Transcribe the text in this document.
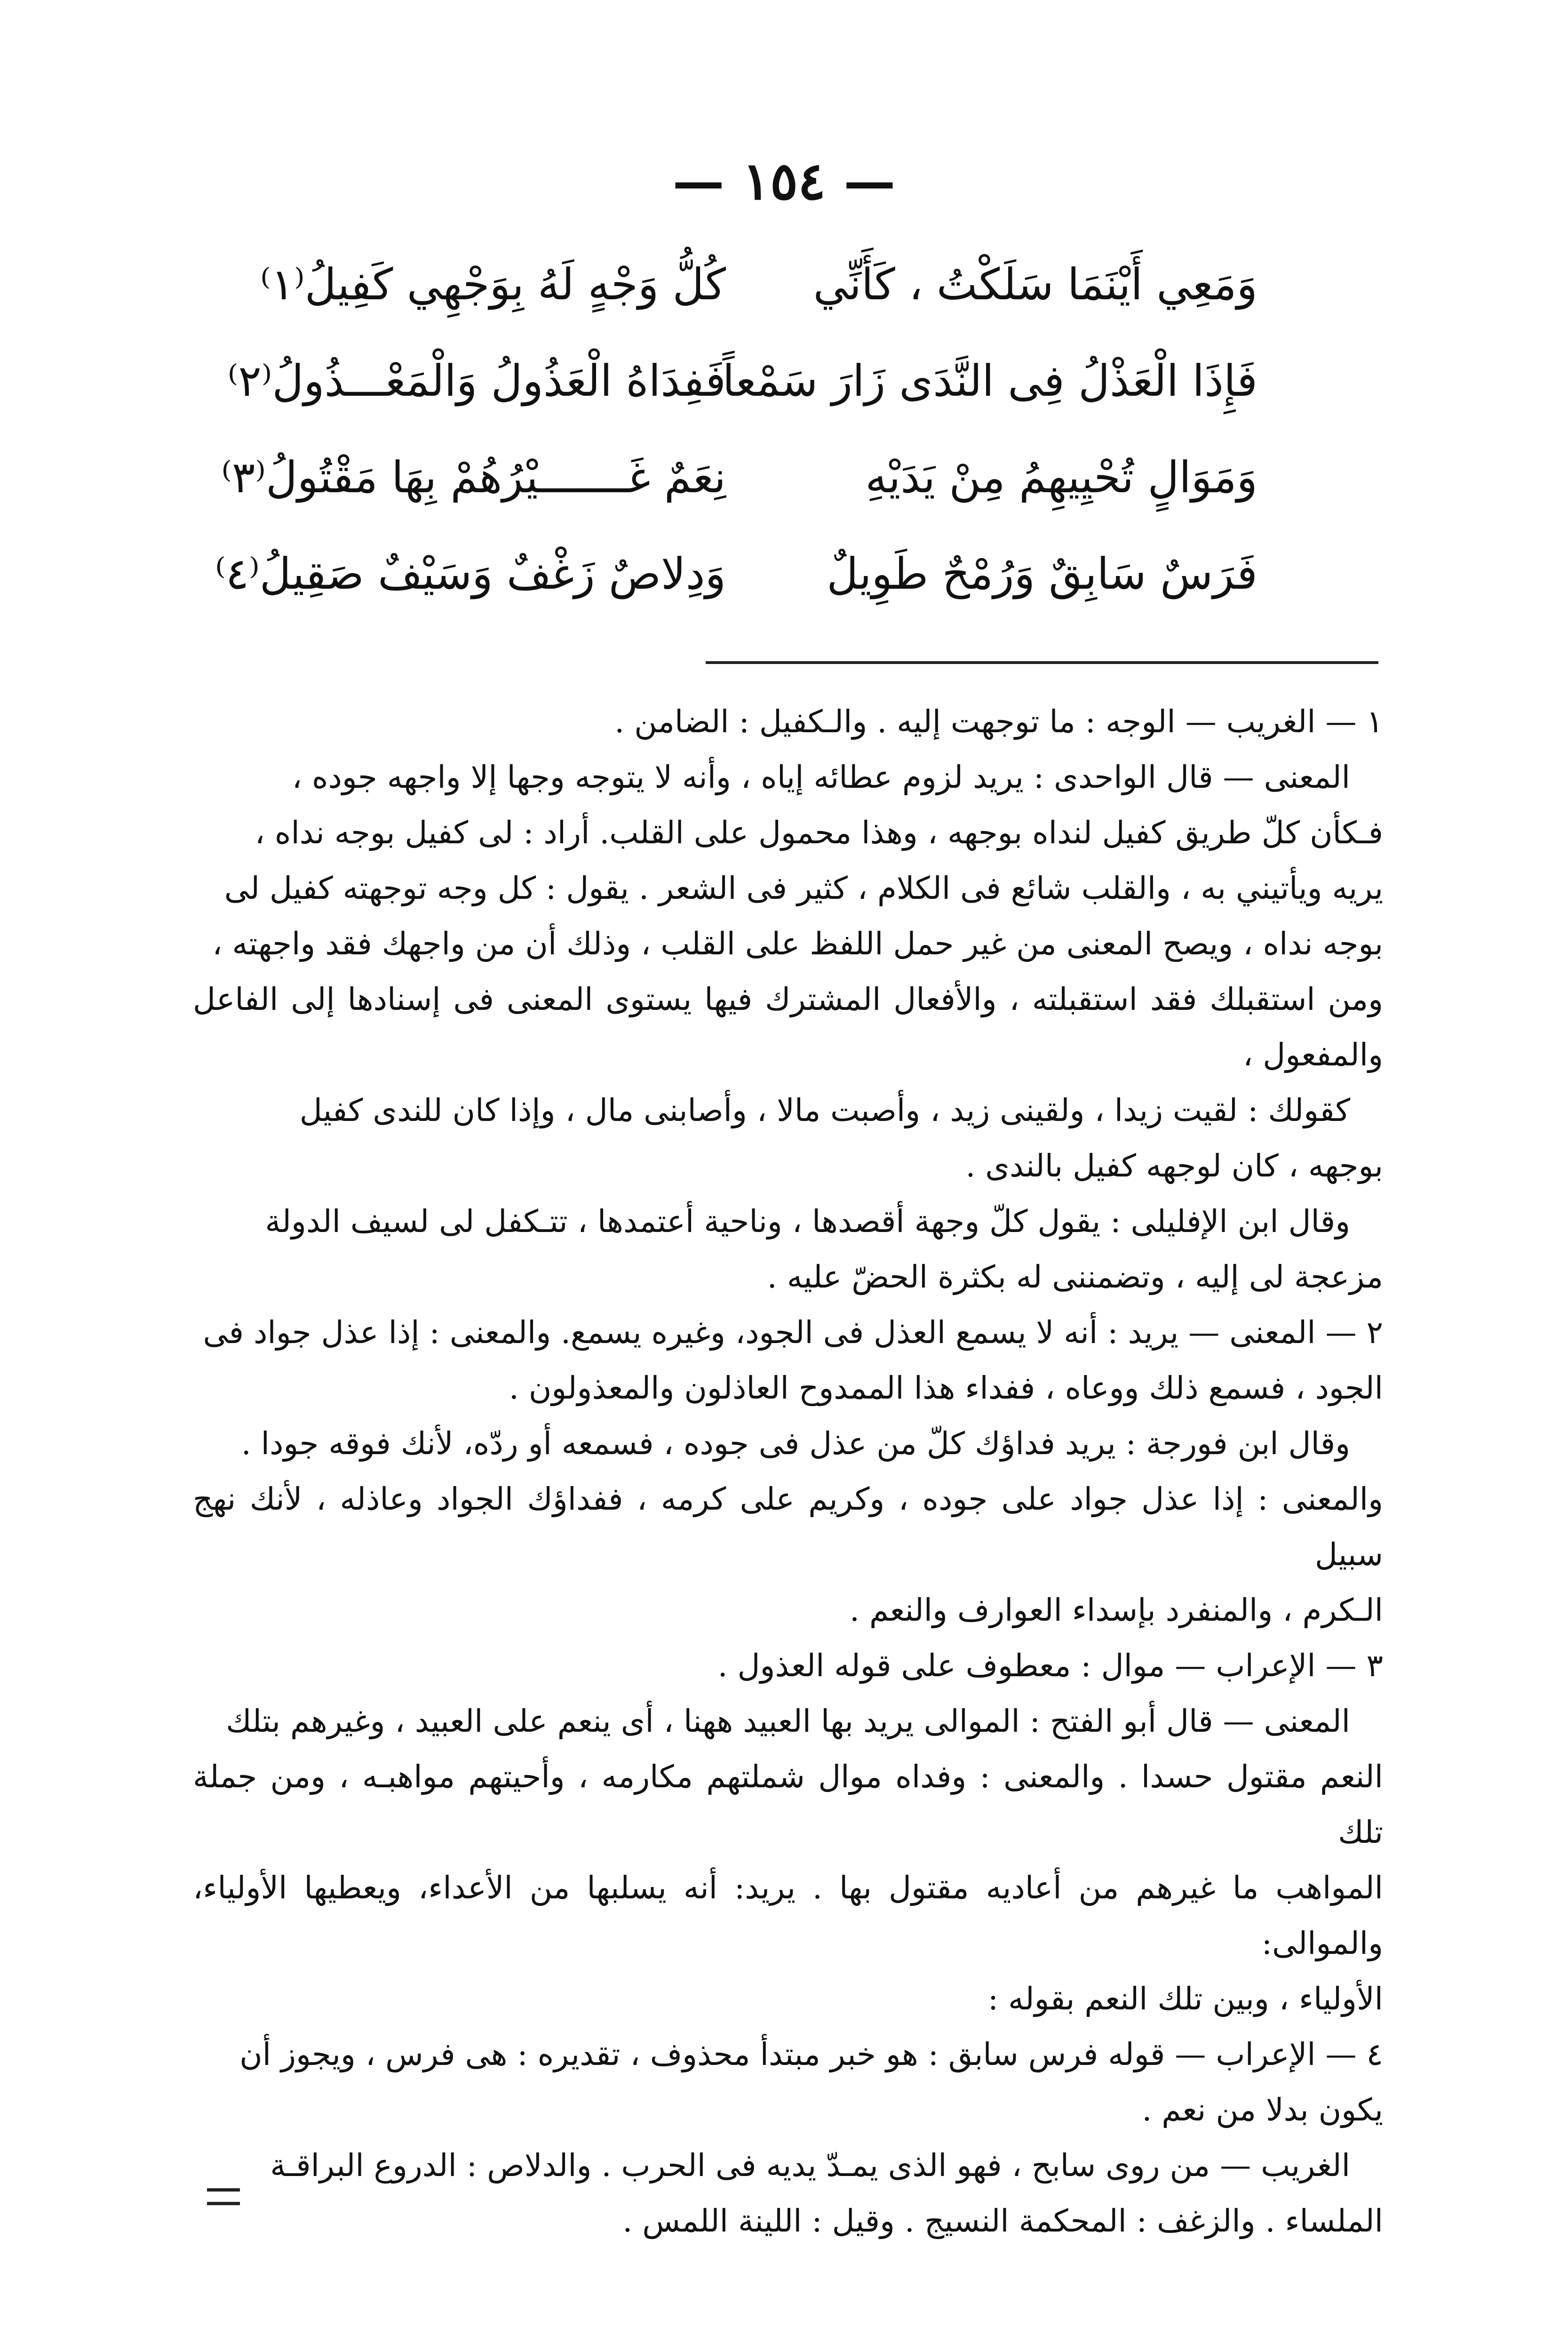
— ١٥٤ —
وَمَعِي أَيْنَمَا سَلَكْتُ ، كَأَنِّي
كُلُّ وَجْهٍ لَهُ بِوَجْهِي كَفِيلُ⁽١⁾
فَإِذَا الْعَذْلُ فِى النَّدَى زَارَ سَمْعاً
فَفِدَاهُ الْعَذُولُ وَالْمَعْـــذُولُ⁽٢⁾
وَمَوَالٍ تُحْيِيهِمُ مِنْ يَدَيْهِ
نِعَمٌ غَـــــــيْرُهُمْ بِهَا مَقْتُولُ⁽٣⁾
فَرَسٌ سَابِقٌ وَرُمْحٌ طَوِيلٌ
وَدِلاصٌ زَغْفٌ وَسَيْفٌ صَقِيلُ⁽٤⁾

١ — الغريب — الوجه : ما توجهت إليه . والـكفيل : الضامن .

المعنى — قال الواحدى : يريد لزوم عطائه إياه ، وأنه لا يتوجه وجها إلا واجهه جوده ،

فـكأن كلّ طريق كفيل لنداه بوجهه ، وهذا محمول على القلب. أراد : لى كفيل بوجه نداه ،

يريه ويأتيني به ، والقلب شائع فى الكلام ، كثير فى الشعر . يقول : كل وجه توجهته كفيل لى

بوجه نداه ، ويصح المعنى من غير حمل اللفظ على القلب ، وذلك أن من واجهك فقد واجهته ،

ومن استقبلك فقد استقبلته ، والأفعال المشترك فيها يستوى المعنى فى إسنادها إلى الفاعل والمفعول ،

كقولك : لقيت زيدا ، ولقينى زيد ، وأصبت مالا ، وأصابنى مال ، وإذا كان للندى كفيل

بوجهه ، كان لوجهه كفيل بالندى .

وقال ابن الإفليلى : يقول كلّ وجهة أقصدها ، وناحية أعتمدها ، تتـكفل لى لسيف الدولة

مزعجة لى إليه ، وتضمننى له بكثرة الحضّ عليه .

٢ — المعنى — يريد : أنه لا يسمع العذل فى الجود، وغيره يسمع. والمعنى : إذا عذل جواد فى

الجود ، فسمع ذلك ووعاه ، ففداء هذا الممدوح العاذلون والمعذولون .

وقال ابن فورجة : يريد فداؤك كلّ من عذل فى جوده ، فسمعه أو ردّه، لأنك فوقه جودا .

والمعنى : إذا عذل جواد على جوده ، وكريم على كرمه ، ففداؤك الجواد وعاذله ، لأنك نهج سبيل

الـكرم ، والمنفرد بإسداء العوارف والنعم .

٣ — الإعراب — موال : معطوف على قوله العذول .

المعنى — قال أبو الفتح : الموالى يريد بها العبيد ههنا ، أى ينعم على العبيد ، وغيرهم بتلك

النعم مقتول حسدا . والمعنى : وفداه موال شملتهم مكارمه ، وأحيتهم مواهبـه ، ومن جملة تلك

المواهب ما غيرهم من أعاديه مقتول بها . يريد: أنه يسلبها من الأعداء، ويعطيها الأولياء، والموالى:

الأولياء ، وبين تلك النعم بقوله :

٤ — الإعراب — قوله فرس سابق : هو خبر مبتدأ محذوف ، تقديره : هى فرس ، ويجوز أن

يكون بدلا من نعم .

الغريب — من روى سابح ، فهو الذى يمـدّ يديه فى الحرب . والدلاص : الدروع البراقـة

الملساء . والزغف : المحكمة النسيج . وقيل : اللينة اللمس .
